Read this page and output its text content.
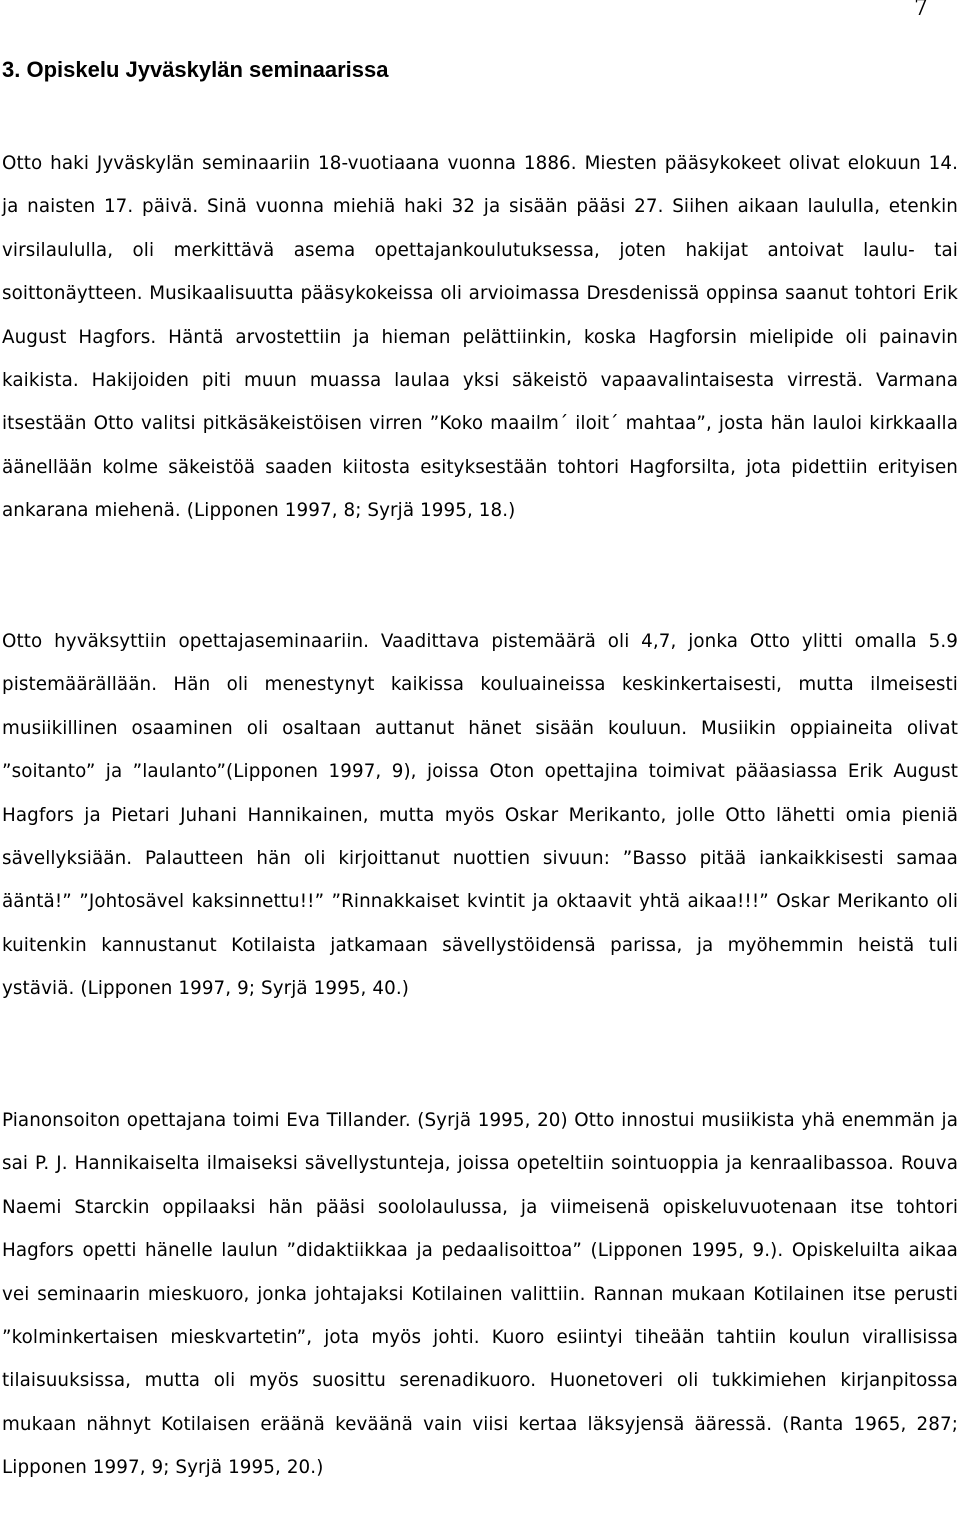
7
3. Opiskelu Jyväskylän seminaarissa

Otto haki Jyväskylän seminaariin 18-vuotiaana vuonna 1886. Miesten pääsykokeet olivat elokuun 14. ja naisten 17. päivä. Sinä vuonna miehiä haki 32 ja sisään pääsi 27. Siihen aikaan laululla, etenkin virsilaululla, oli merkittävä asema opettajankoulutuksessa, joten hakijat antoivat laulu- tai soittonäytteen. Musikaalisuutta pääsykokeissa oli arvioimassa Dresdenissä oppinsa saanut tohtori Erik August Hagfors. Häntä arvostettiin ja hieman pelättiinkin, koska Hagforsin mielipide oli painavin kaikista. Hakijoiden piti muun muassa laulaa yksi säkeistö vapaavalintaisesta virrestä. Varmana itsestään Otto valitsi pitkäsäkeistöisen virren ”Koko maailm´ iloit´ mahtaa”, josta hän lauloi kirkkaalla äänellään kolme säkeistöä saaden kiitosta esityksestään tohtori Hagforsilta, jota pidettiin erityisen ankarana miehenä. (Lipponen 1997, 8; Syrjä 1995, 18.)

Otto hyväksyttiin opettajaseminaariin. Vaadittava pistemäärä oli 4,7, jonka Otto ylitti omalla 5.9 pistemäärällään. Hän oli menestynyt kaikissa kouluaineissa keskinkertaisesti, mutta ilmeisesti musiikillinen osaaminen oli osaltaan auttanut hänet sisään kouluun. Musiikin oppiaineita olivat ”soitanto” ja ”laulanto”(Lipponen 1997, 9), joissa Oton opettajina toimivat pääasiassa Erik August Hagfors ja Pietari Juhani Hannikainen, mutta myös Oskar Merikanto, jolle Otto lähetti omia pieniä sävellyksiään. Palautteen hän oli kirjoittanut nuottien sivuun: ”Basso pitää iankaikkisesti samaa ääntä!” ”Johtosävel kaksinnettu!!” ”Rinnakkaiset kvintit ja oktaavit yhtä aikaa!!!” Oskar Merikanto oli kuitenkin kannustanut Kotilaista jatkamaan sävellystöidensä parissa, ja myöhemmin heistä tuli ystäviä. (Lipponen 1997, 9; Syrjä 1995, 40.)

Pianonsoiton opettajana toimi Eva Tillander. (Syrjä 1995, 20) Otto innostui musiikista yhä enemmän ja sai P. J. Hannikaiselta ilmaiseksi sävellystunteja, joissa opeteltiin sointuoppia ja kenraalibassoa. Rouva Naemi Starckin oppilaaksi hän pääsi soololaulussa, ja viimeisenä opiskeluvuotenaan itse tohtori Hagfors opetti hänelle laulun ”didaktiikkaa ja pedaalisoittoa” (Lipponen 1995, 9.). Opiskeluilta aikaa vei seminaarin mieskuoro, jonka johtajaksi Kotilainen valittiin. Rannan mukaan Kotilainen itse perusti ”kolminkertaisen mieskvartetin”, jota myös johti. Kuoro esiintyi tiheään tahtiin koulun virallisissa tilaisuuksissa, mutta oli myös suosittu serenadikuoro. Huonetoveri oli tukkimiehen kirjanpitossa mukaan nähnyt Kotilaisen eräänä keväänä vain viisi kertaa läksyjensä ääressä. (Ranta 1965, 287; Lipponen 1997, 9; Syrjä 1995, 20.)
